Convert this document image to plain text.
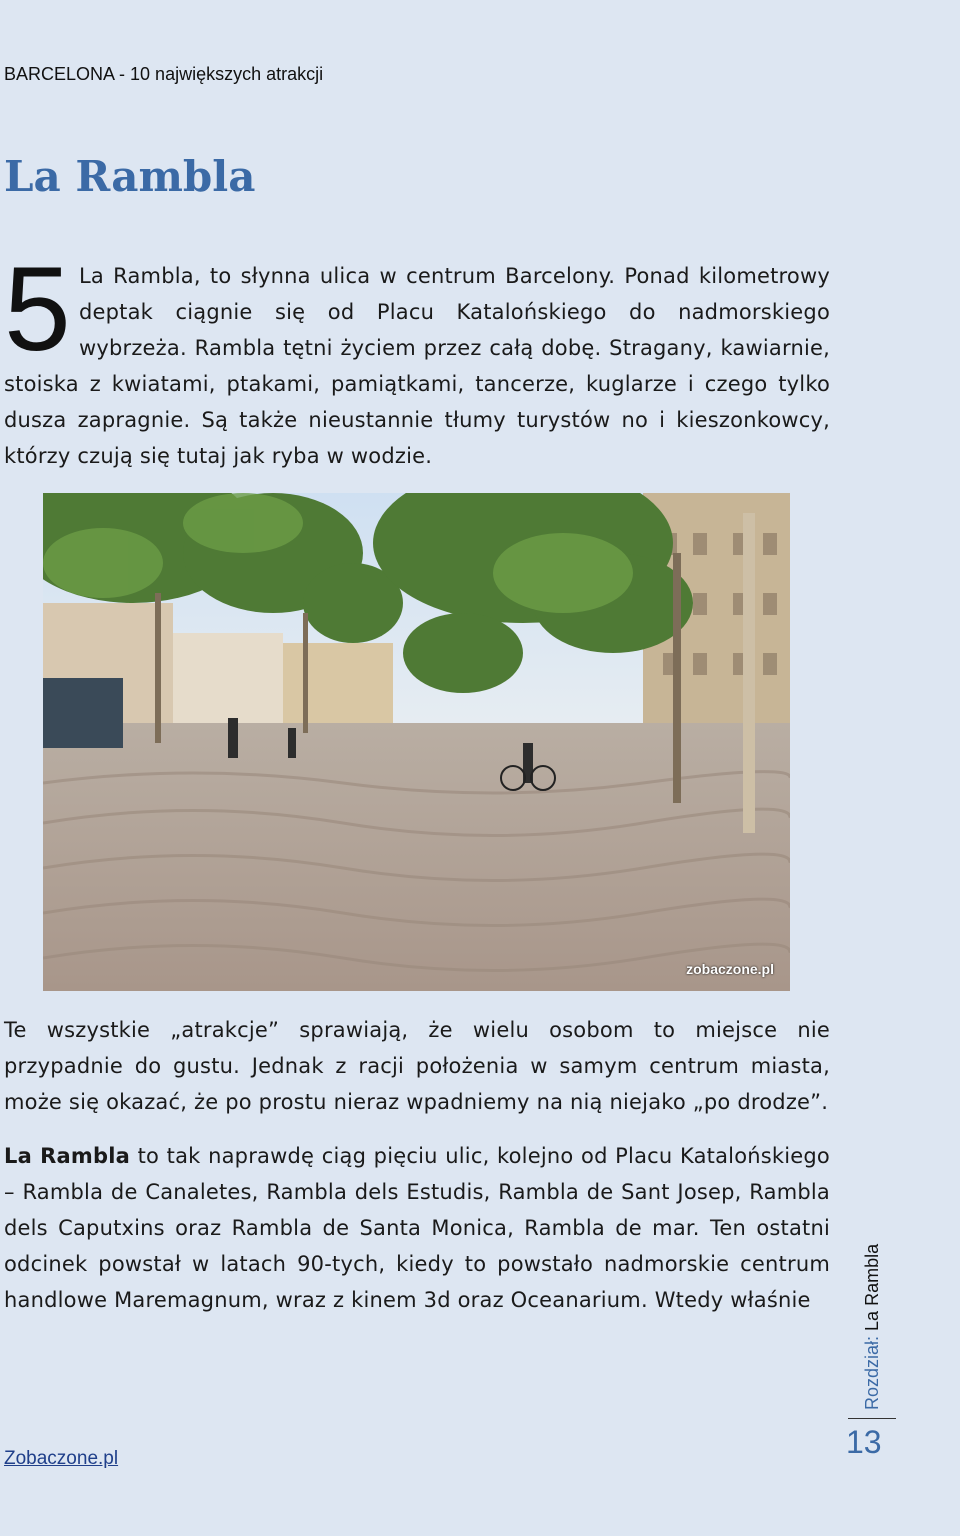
BARCELONA - 10 największych atrakcji
La Rambla

5 La Rambla, to słynna ulica w centrum Barcelony. Ponad kilometrowy deptak ciągnie się od Placu Katalońskiego do nadmorskiego wybrzeża. Rambla tętni życiem przez całą dobę. Stragany, kawiarnie, stoiska z kwiatami, ptakami, pamiątkami, tancerze, kuglarze i czego tylko dusza zapragnie. Są także nieustannie tłumy turystów no i kieszonkowcy, którzy czują się tutaj jak ryba w wodzie.

zobaczone.pl

Te wszystkie „atrakcje” sprawiają, że wielu osobom to miejsce nie przypadnie do gustu. Jednak z racji położenia w samym centrum miasta, może się okazać, że po prostu nieraz wpadniemy na nią niejako „po drodze”.

La Rambla to tak naprawdę ciąg pięciu ulic, kolejno od Placu Katalońskiego – Rambla de Canaletes, Rambla dels Estudis, Rambla de Sant Josep, Rambla dels Caputxins oraz Rambla de Santa Monica, Rambla de mar. Ten ostatni odcinek powstał w latach 90-tych, kiedy to powstało nadmorskie centrum handlowe Maremagnum, wraz z kinem 3d oraz Oceanarium. Wtedy właśnie

Rozdział: La Rambla
13
Zobaczone.pl
